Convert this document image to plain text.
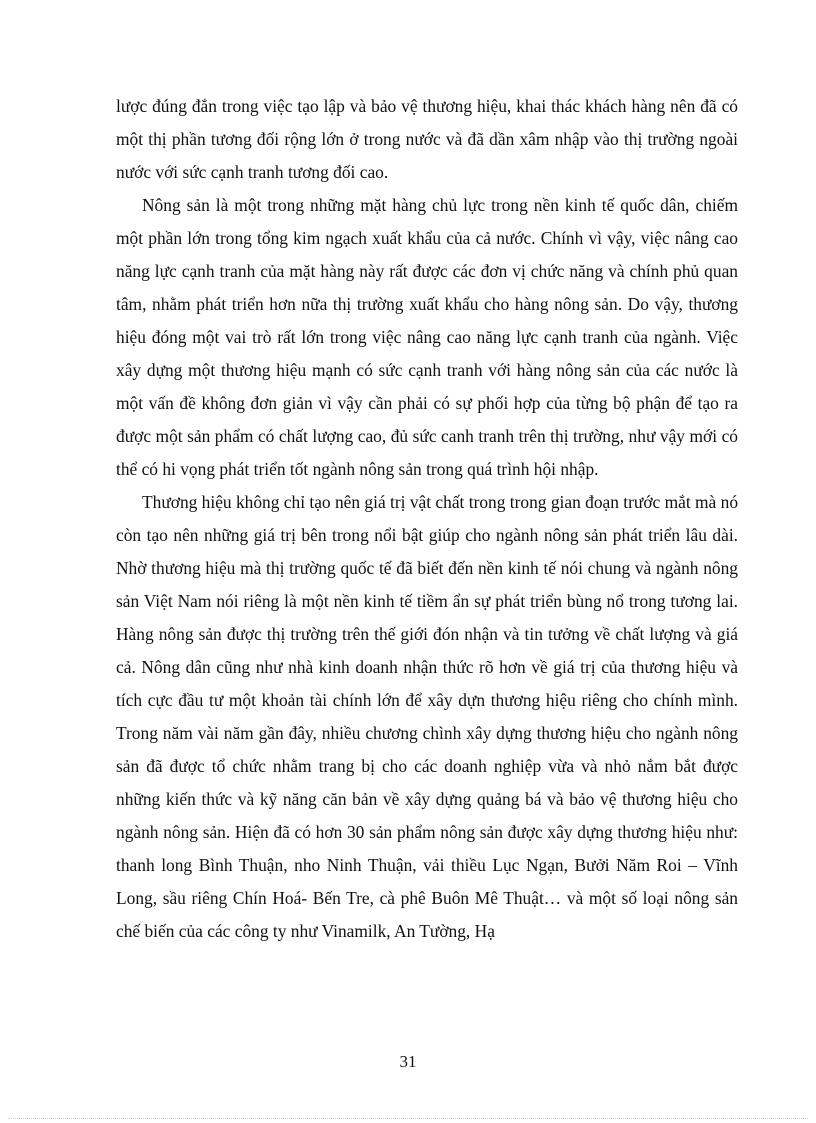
lược đúng đắn trong việc tạo lập và bảo vệ thương hiệu, khai thác khách hàng nên đã có một thị phần tương đối rộng lớn ở trong nước và đã dần xâm nhập vào thị trường ngoài nước với sức cạnh tranh tương đối cao.

Nông sản là một trong những mặt hàng chủ lực trong nền kinh tế quốc dân, chiếm một phần lớn trong tổng kim ngạch xuất khẩu của cả nước. Chính vì vậy, việc nâng cao năng lực cạnh tranh của mặt hàng này rất được các đơn vị chức năng và chính phủ quan tâm, nhằm phát triển hơn nữa thị trường xuất khẩu cho hàng nông sản. Do vậy, thương hiệu đóng một vai trò rất lớn trong việc nâng cao năng lực cạnh tranh của ngành. Việc xây dựng một thương hiệu mạnh có sức cạnh tranh với hàng nông sản của các nước là một vấn đề không đơn giản vì vậy cần phải có sự phối hợp của từng bộ phận để tạo ra được một sản phẩm có chất lượng cao, đủ sức canh tranh trên thị trường, như vậy mới có thể có hi vọng phát triển tốt ngành nông sản trong quá trình hội nhập.

Thương hiệu không chỉ tạo nên giá trị vật chất trong trong gian đoạn trước mắt mà nó còn tạo nên những giá trị bên trong nổi bật giúp cho ngành nông sản phát triển lâu dài. Nhờ thương hiệu mà thị trường quốc tế đã biết đến nền kinh tế nói chung và ngành nông sản Việt Nam nói riêng là một nền kinh tế tiềm ẩn sự phát triển bùng nổ trong tương lai. Hàng nông sản được thị trường trên thế giới đón nhận và tin tưởng về chất lượng và giá cả. Nông dân cũng như nhà kinh doanh nhận thức rõ hơn về giá trị của thương hiệu và tích cực đầu tư một khoản tài chính lớn để xây dựn thương hiệu riêng cho chính mình. Trong năm vài năm gần đây, nhiều chương chình xây dựng thương hiệu cho ngành nông sản đã được tổ chức nhằm trang bị cho các doanh nghiệp vừa và nhỏ nắm bắt được những kiến thức và kỹ năng căn bản về xây dựng quảng bá và bảo vệ thương hiệu cho ngành nông sản. Hiện đã có hơn 30 sản phẩm nông sản được xây dựng thương hiệu như: thanh long Bình Thuận, nho Ninh Thuận, vải thiều Lục Ngạn, Bưởi Năm Roi – Vĩnh Long, sầu riêng Chín Hoá- Bến Tre, cà phê Buôn Mê Thuật… và một số loại nông sản chế biến của các công ty như Vinamilk, An Tường, Hạ

31
